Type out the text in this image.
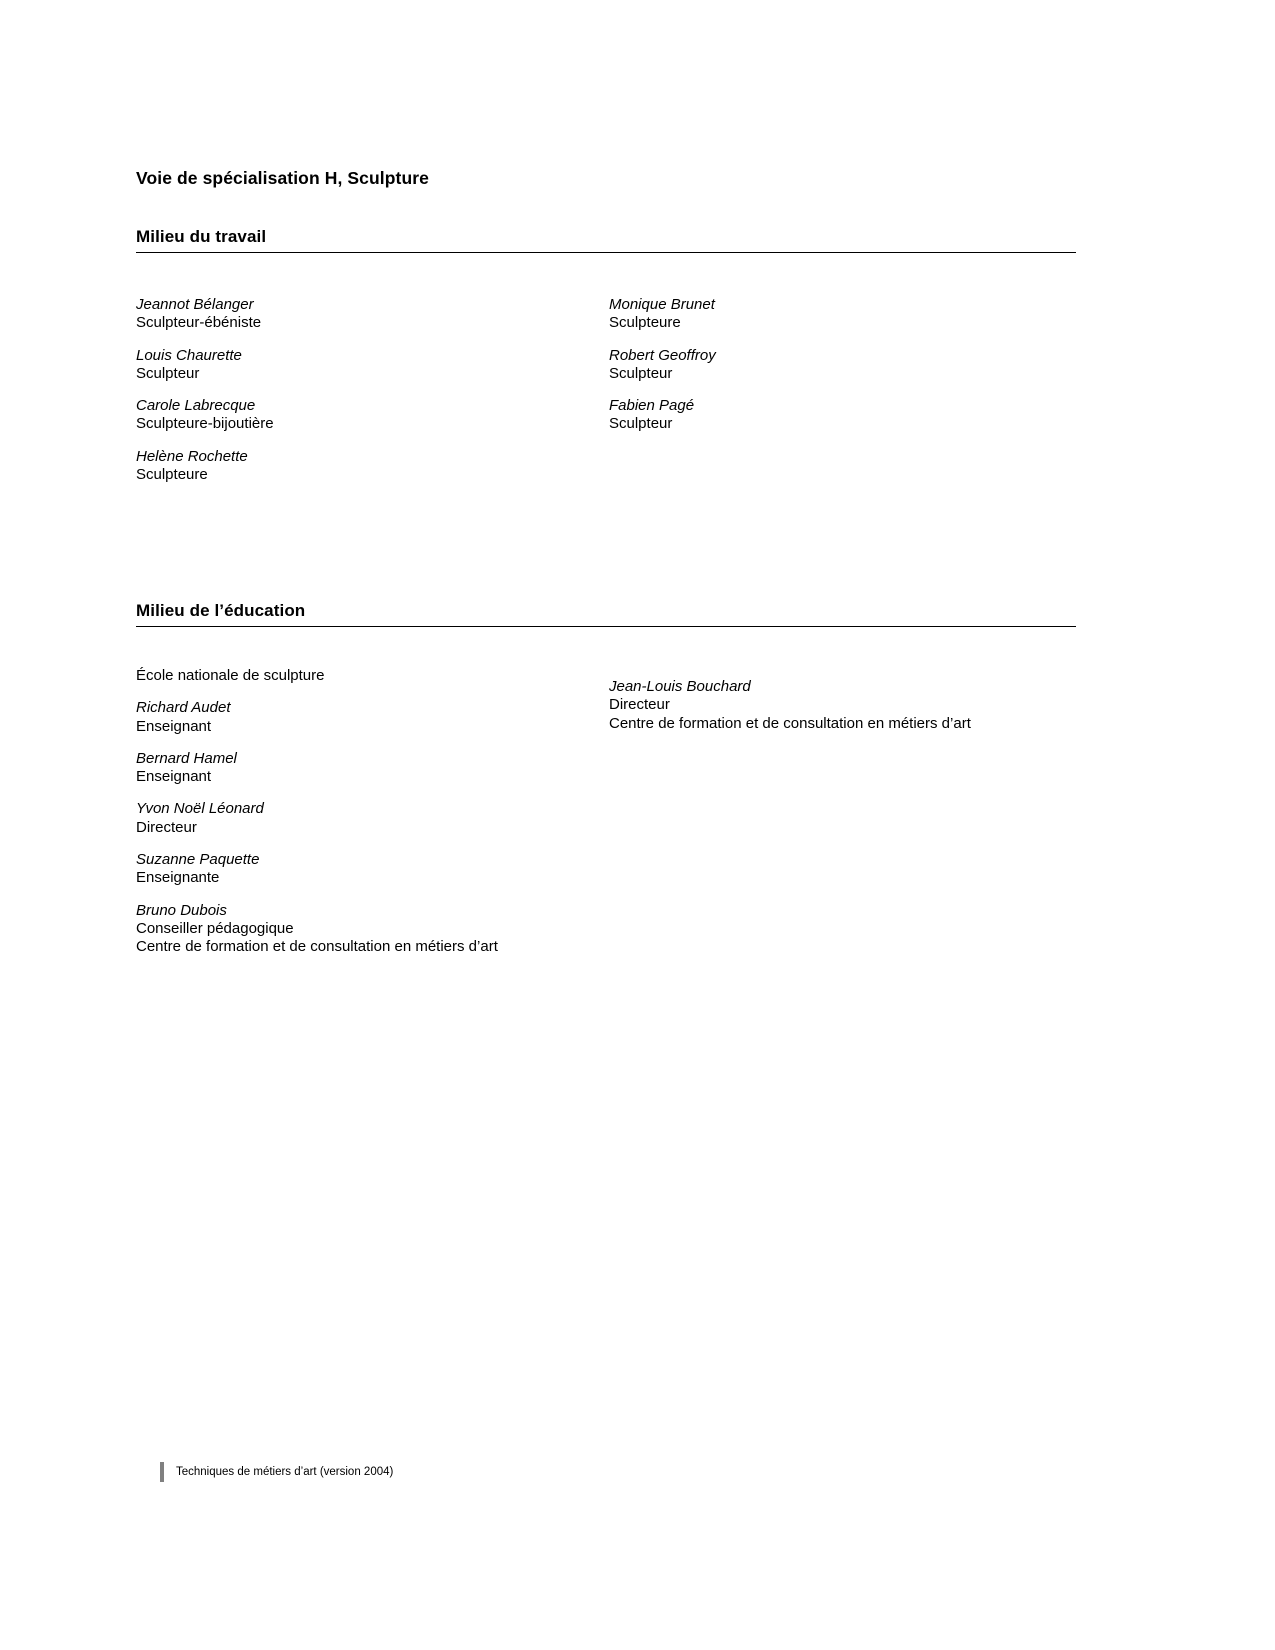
Voie de spécialisation H, Sculpture
Milieu du travail
Jeannot Bélanger
Sculpteur-ébéniste
Louis Chaurette
Sculpteur
Carole Labrecque
Sculpteure-bijoutière
Helène Rochette
Sculpteure
Monique Brunet
Sculpteure
Robert Geoffroy
Sculpteur
Fabien Pagé
Sculpteur
Milieu de l’éducation
École nationale de sculpture
Richard Audet
Enseignant
Bernard Hamel
Enseignant
Yvon Noël Léonard
Directeur
Suzanne Paquette
Enseignante
Bruno Dubois
Conseiller pédagogique
Centre de formation et de consultation en métiers d’art
Jean-Louis Bouchard
Directeur
Centre de formation et de consultation en métiers d’art
Techniques de métiers d’art (version 2004)
